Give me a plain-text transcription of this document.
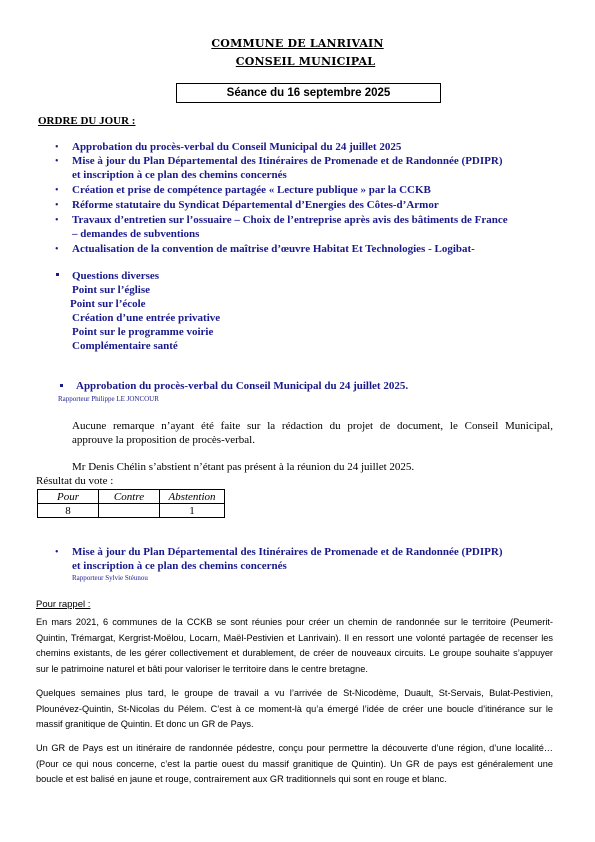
COMMUNE DE LANRIVAIN
CONSEIL MUNICIPAL
Séance du 16 septembre 2025
ORDRE DU JOUR :
• Approbation du procès-verbal du Conseil Municipal du 24 juillet 2025
• Mise à jour du Plan Départemental des Itinéraires de Promenade et de Randonnée (PDIPR)
et inscription à ce plan des chemins concernés
• Création et prise de compétence partagée « Lecture publique » par la CCKB
• Réforme statutaire du Syndicat Départemental d’Energies des Côtes-d’Armor
• Travaux d’entretien sur l’ossuaire – Choix de l’entreprise après avis des bâtiments de France
– demandes de subventions
• Actualisation de la convention de maîtrise d’œuvre Habitat Et Technologies - Logibat-
Questions diverses
Point sur l’église
Point sur l’école
Création d’une entrée privative
Point sur le programme voirie
Complémentaire santé
Approbation du procès-verbal du Conseil Municipal du 24 juillet 2025.
Rapporteur Philippe LE JONCOUR
Aucune remarque n’ayant été faite sur la rédaction du projet de document, le Conseil Municipal,
approuve la proposition de procès-verbal.
Mr Denis Chélin s’abstient n’étant pas présent à la réunion du 24 juillet 2025.
Résultat du vote :
Pour	Contre	Abstention
8		1
• Mise à jour du Plan Départemental des Itinéraires de Promenade et de Randonnée (PDIPR)
et inscription à ce plan des chemins concernés
Rapporteur Sylvie Stéunou
Pour rappel :
En mars 2021, 6 communes de la CCKB se sont réunies pour créer un chemin de randonnée sur le territoire (Peumerit-Quintin, Trémargat, Kergrist-Moëlou, Locarn, Maël-Pestivien et Lanrivain). Il en ressort une volonté partagée de recenser les chemins existants, de les gérer collectivement et durablement, de créer de nouveaux circuits. Le groupe souhaite s’appuyer sur le patrimoine naturel et bâti pour valoriser le territoire dans le centre bretagne.
Quelques semaines plus tard, le groupe de travail a vu l’arrivée de St-Nicodème, Duault, St-Servais, Bulat-Pestivien, Plounévez-Quintin, St-Nicolas du Pélem. C’est à ce moment-là qu’a émergé l’idée de créer une boucle d’itinérance sur le massif granitique de Quintin. Et donc un GR de Pays.
Un GR de Pays est un itinéraire de randonnée pédestre, conçu pour permettre la découverte d’une région, d’une localité… (Pour ce qui nous concerne, c’est la partie ouest du massif granitique de Quintin). Un GR de pays est généralement une boucle et est balisé en jaune et rouge, contrairement aux GR traditionnels qui sont en rouge et blanc.
